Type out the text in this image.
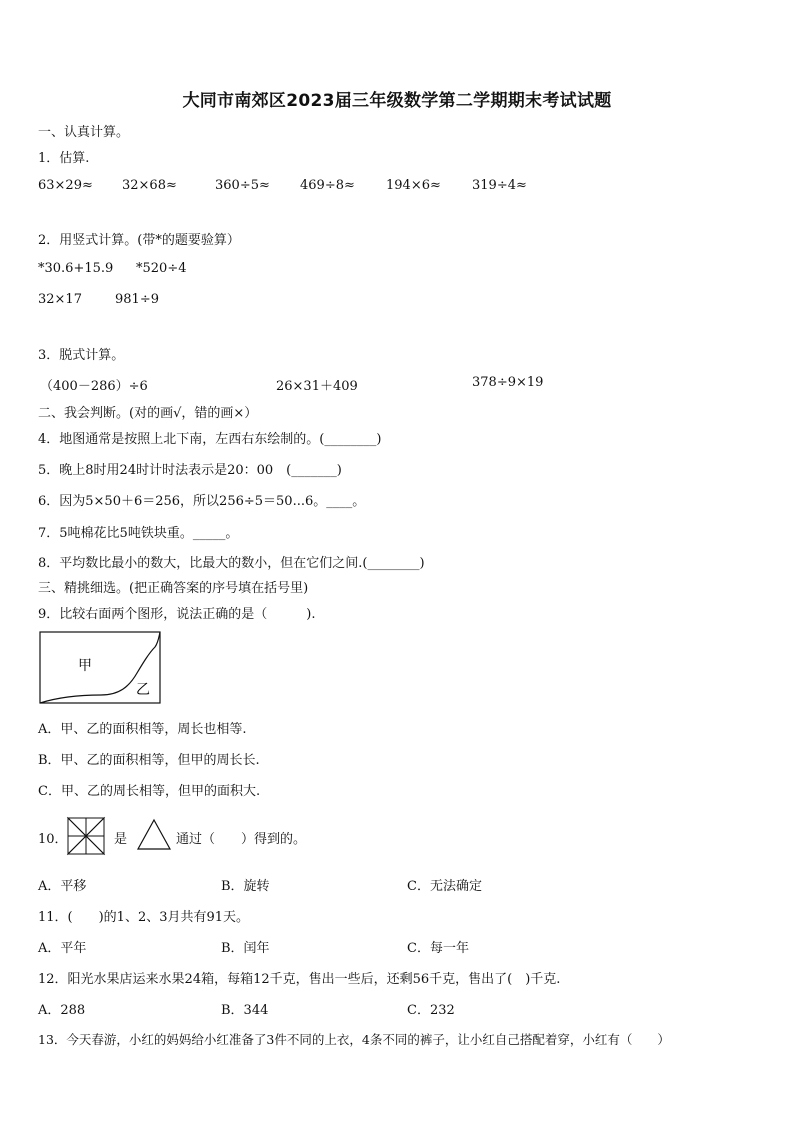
大同市南郊区2023届三年级数学第二学期期末考试试题
一、认真计算。
1．估算.
63×29≈ 32×68≈	360÷5≈ 469÷8≈ 194×6≈ 319÷4≈
2．用竖式计算。(带*的题要验算）
*30.6+15.9 *520÷4
32×17	981÷9
3．脱式计算。
（400－286）÷6	26×31＋409	378÷9×19
二、我会判断。(对的画√，错的画×）
4．地图通常是按照上北下南，左西右东绘制的。(________)
5．晚上8时用24时计时法表示是20：00　(_______)
6．因为5×50＋6＝256，所以256÷5＝50...6。____。
7．5吨棉花比5吨铁块重。_____。
8．平均数比最小的数大，比最大的数小，但在它们之间.(________)
三、精挑细选。(把正确答案的序号填在括号里)
9．比较右面两个图形，说法正确的是（　　　).
甲
乙
A．甲、乙的面积相等，周长也相等.
B．甲、乙的面积相等，但甲的周长长.
C．甲、乙的周长相等，但甲的面积大.
10．	是	通过（　　）得到的。
A．平移	B．旋转	C．无法确定
11．(　　)的1、2、3月共有91天。
A．平年	B．闰年	C．每一年
12．阳光水果店运来水果24箱，每箱12千克，售出一些后，还剩56千克，售出了(　)千克.
A．288	B．344	C．232
13．今天春游，小红的妈妈给小红准备了3件不同的上衣，4条不同的裤子，让小红自己搭配着穿，小红有（　　）
